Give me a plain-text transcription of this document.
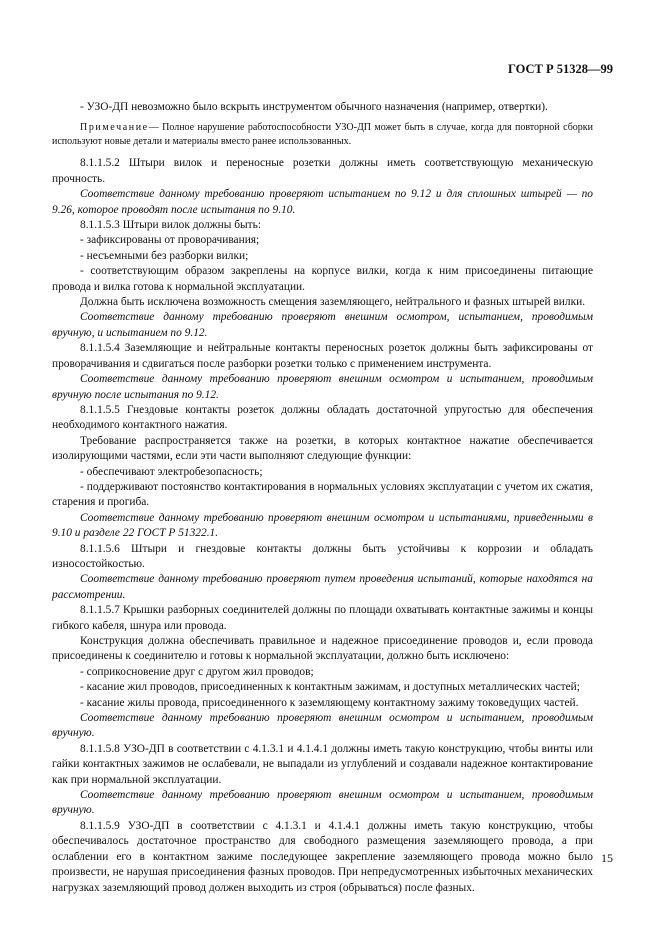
ГОСТ Р 51328—99

- УЗО-ДП невозможно было вскрыть инструментом обычного назначения (например, отвертки).

Примечание— Полное нарушение работоспособности УЗО-ДП может быть в случае, когда для повторной сборки используют новые детали и материалы вместо ранее использованных.

8.1.1.5.2 Штыри вилок и переносные розетки должны иметь соответствующую механическую прочность.

Соответствие данному требованию проверяют испытанием по 9.12 и для сплошных штырей — по 9.26, которое проводят после испытания по 9.10.

8.1.1.5.3 Штыри вилок должны быть:

- зафиксированы от проворачивания;

- несъемными без разборки вилки;

- соответствующим образом закреплены на корпусе вилки, когда к ним присоединены питающие провода и вилка готова к нормальной эксплуатации.

Должна быть исключена возможность смещения заземляющего, нейтрального и фазных штырей вилки.

Соответствие данному требованию проверяют внешним осмотром, испытанием, проводимым вручную, и испытанием по 9.12.

8.1.1.5.4 Заземляющие и нейтральные контакты переносных розеток должны быть зафиксированы от проворачивания и сдвигаться после разборки розетки только с применением инструмента.

Соответствие данному требованию проверяют внешним осмотром и испытанием, проводимым вручную после испытания по 9.12.

8.1.1.5.5 Гнездовые контакты розеток должны обладать достаточной упругостью для обеспечения необходимого контактного нажатия.

Требование распространяется также на розетки, в которых контактное нажатие обеспечивается изолирующими частями, если эти части выполняют следующие функции:

- обеспечивают электробезопасность;

- поддерживают постоянство контактирования в нормальных условиях эксплуатации с учетом их сжатия, старения и прогиба.

Соответствие данному требованию проверяют внешним осмотром и испытаниями, приведенными в 9.10 и разделе 22 ГОСТ Р 51322.1.

8.1.1.5.6 Штыри и гнездовые контакты должны быть устойчивы к коррозии и обладать износостойкостью.

Соответствие данному требованию проверяют путем проведения испытаний, которые находятся на рассмотрении.

8.1.1.5.7 Крышки разборных соединителей должны по площади охватывать контактные зажимы и концы гибкого кабеля, шнура или провода.

Конструкция должна обеспечивать правильное и надежное присоединение проводов и, если провода присоединены к соединителю и готовы к нормальной эксплуатации, должно быть исключено:

- соприкосновение друг с другом жил проводов;

- касание жил проводов, присоединенных к контактным зажимам, и доступных металлических частей;

- касание жилы провода, присоединенного к заземляющему контактному зажиму токоведущих частей.

Соответствие данному требованию проверяют внешним осмотром и испытанием, проводимым вручную.

8.1.1.5.8 УЗО-ДП в соответствии с 4.1.3.1 и 4.1.4.1 должны иметь такую конструкцию, чтобы винты или гайки контактных зажимов не ослабевали, не выпадали из углублений и создавали надежное контактирование как при нормальной эксплуатации.

Соответствие данному требованию проверяют внешним осмотром и испытанием, проводимым вручную.

8.1.1.5.9 УЗО-ДП в соответствии с 4.1.3.1 и 4.1.4.1 должны иметь такую конструкцию, чтобы обеспечивалось достаточное пространство для свободного размещения заземляющего провода, а при ослаблении его в контактном зажиме последующее закрепление заземляющего провода можно было произвести, не нарушая присоединения фазных проводов. При непредусмотренных избыточных механических нагрузках заземляющий провод должен выходить из строя (обрываться) после фазных.

15
